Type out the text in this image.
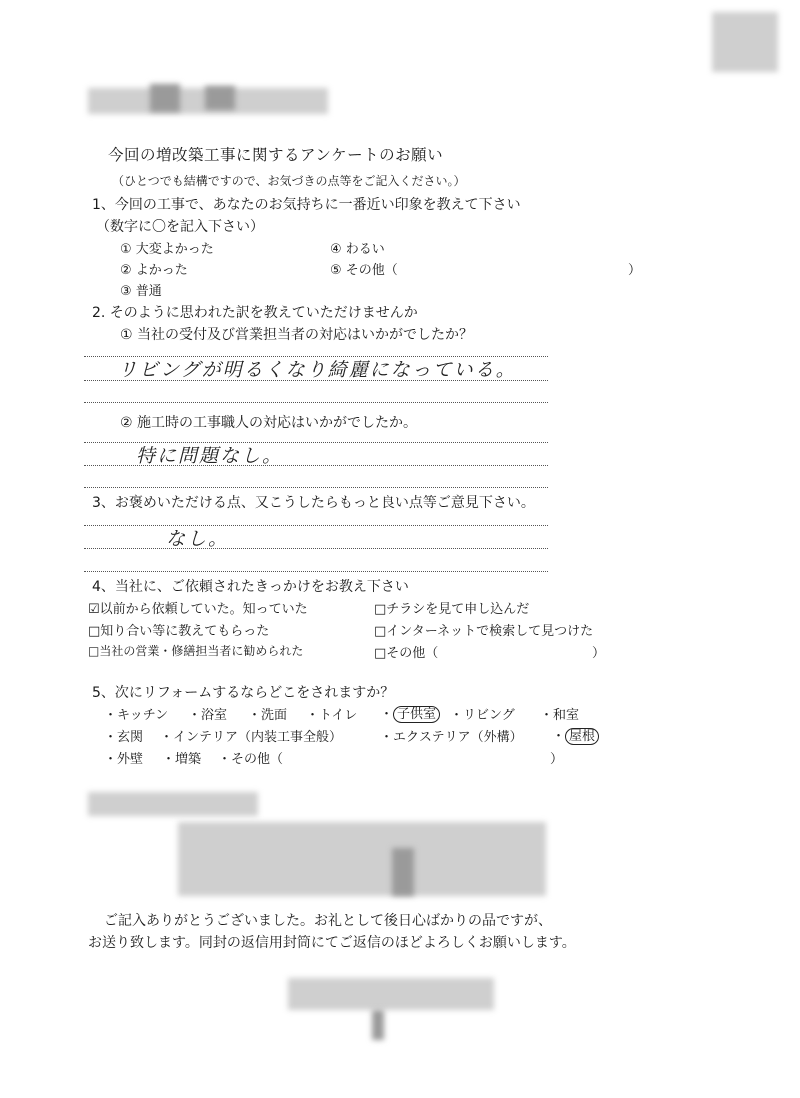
今回の増改築工事に関するアンケートのお願い
（ひとつでも結構ですので、お気づきの点等をご記入ください。）
1、今回の工事で、あなたのお気持ちに一番近い印象を教えて下さい
（数字に〇を記入下さい）
① 大変よかった
② よかった
③ 普通
④ わるい
⑤ その他（	）
2. そのように思われた訳を教えていただけませんか
① 当社の受付及び営業担当者の対応はいかがでしたか？
リビングが明るくなり綺麗になっている。
② 施工時の工事職人の対応はいかがでしたか。
特に問題なし。
3、お褒めいただける点、又こうしたらもっと良い点等ご意見下さい。
なし。
4、当社に、ご依頼されたきっかけをお教え下さい
☑以前から依頼していた。知っていた	□ チラシを見て申し込んだ
□ 知り合い等に教えてもらった	□ インターネットで検索して見つけた
□ 当社の営業・修繕担当者に勧められた	□ その他（	）
5、次にリフォームするならどこをされますか？
・キッチン ・浴室 ・洗面 ・トイレ ・ 子供室	・リビング ・和室
・玄関 ・インテリア（内装工事全般）	・エクステリア（外構） ・ 屋根
・外壁 ・増築 ・その他（	）
ご記入ありがとうございました。お礼として後日心ばかりの品ですが、
お送り致します。同封の返信用封筒にてご返信のほどよろしくお願いします。
